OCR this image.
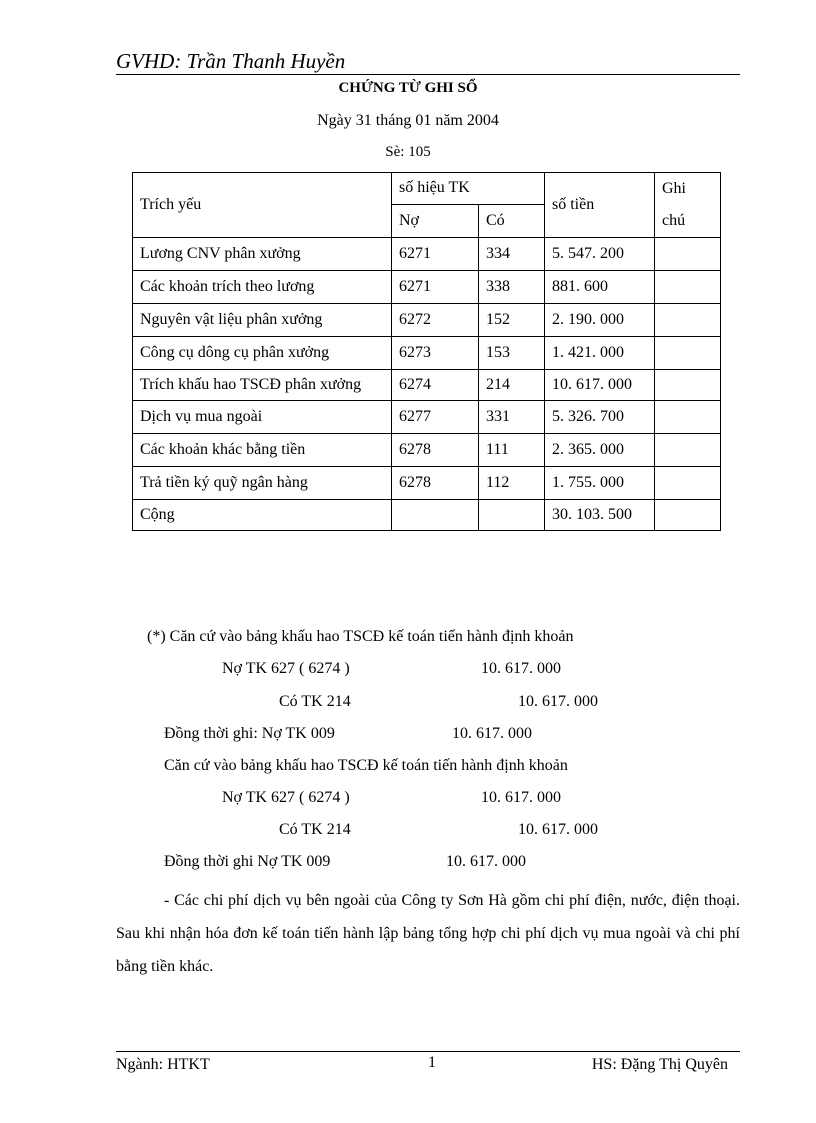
GVHD: Trần Thanh Huyền
CHỨNG TỪ GHI SỔ
Ngày 31 tháng 01 năm 2004
Sè: 105
Trích yếu	số hiệu TK		số tiền	Ghi chú
	Nợ	Có		
Lương CNV phân xưởng	6271	334	5. 547. 200	
Các khoản trích theo lương	6271	338	881. 600	
Nguyên vật liệu phân xưởng	6272	152	2. 190. 000	
Công cụ dông cụ phân xưởng	6273	153	1. 421. 000	
Trích khấu hao TSCĐ phân xưởng	6274	214	10. 617. 000	
Dịch vụ mua ngoài	6277	331	5. 326. 700	
Các khoản khác bằng tiền	6278	111	2. 365. 000	
Trả tiền ký quỹ ngân hàng	6278	112	1. 755. 000	
Cộng			30. 103. 500	
(*) Căn cứ vào bảng khấu hao TSCĐ kế toán tiến hành định khoản
Nợ TK 627 ( 6274 )	10. 617. 000
Có TK 214	10. 617. 000
Đồng thời ghi: Nợ TK 009	10. 617. 000
Căn cứ vào bảng khấu hao TSCĐ kế toán tiến hành định khoản
Nợ TK 627 ( 6274 )	10. 617. 000
Có TK 214	10. 617. 000
Đồng thời ghi Nợ TK 009	10. 617. 000
- Các chi phí dịch vụ bên ngoài của Công ty Sơn Hà gồm chi phí điện, nước, điện thoại. Sau khi nhận hóa đơn kế toán tiến hành lập bảng tổng hợp chi phí dịch vụ mua ngoài và chi phí bằng tiền khác.
Ngành: HTKT	1	HS: Đặng Thị Quyên
